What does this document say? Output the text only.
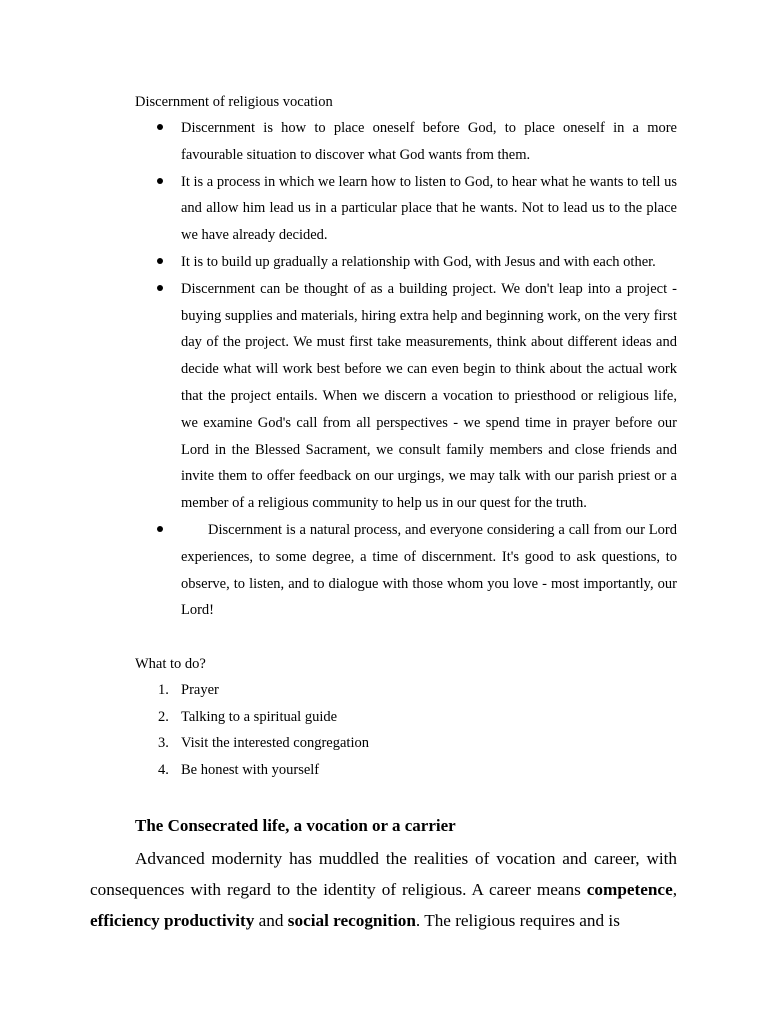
Discernment of religious vocation
Discernment is how to place oneself before God, to place oneself in a more favourable situation to discover what God wants from them.
It is a process in which we learn how to listen to God, to hear what he wants to tell us and allow him lead us in a particular place that he wants. Not to lead us to the place we have already decided.
It is to build up gradually a relationship with God, with Jesus and with each other.
Discernment can be thought of as a building project. We don't leap into a project - buying supplies and materials, hiring extra help and beginning work, on the very first day of the project. We must first take measurements, think about different ideas and decide what will work best before we can even begin to think about the actual work that the project entails. When we discern a vocation to priesthood or religious life, we examine God's call from all perspectives - we spend time in prayer before our Lord in the Blessed Sacrament, we consult family members and close friends and invite them to offer feedback on our urgings, we may talk with our parish priest or a member of a religious community to help us in our quest for the truth.
Discernment is a natural process, and everyone considering a call from our Lord experiences, to some degree, a time of discernment. It's good to ask questions, to observe, to listen, and to dialogue with those whom you love - most importantly, our Lord!
What to do?
1. Prayer
2. Talking to a spiritual guide
3. Visit the interested congregation
4. Be honest with yourself
The Consecrated life, a vocation or a carrier
Advanced modernity has muddled the realities of vocation and career, with consequences with regard to the identity of religious. A career means competence, efficiency productivity and social recognition. The religious requires and is
